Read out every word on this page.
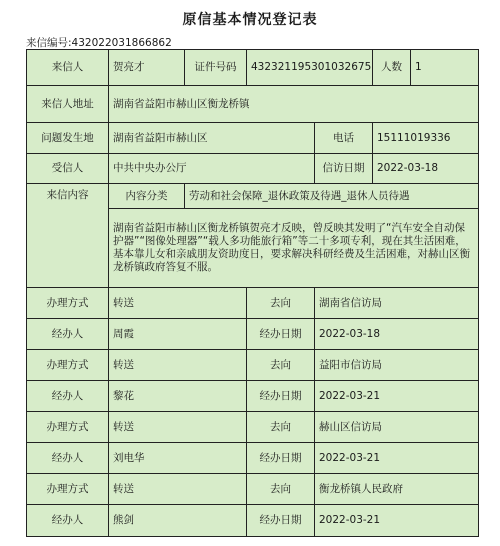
原信基本情况登记表
来信编号:432022031866862
来信人	贺亮才	证件号码	432321195301032675		人数	1
来信人地址	湖南省益阳市赫山区衡龙桥镇					
问题发生地	湖南省益阳市赫山区			电话	15111019336	
受信人	中共中央办公厅			信访日期	2022-03-18	
来信内容	内容分类	劳动和社会保障_退休政策及待遇_退休人员待遇				
	湖南省益阳市赫山区衡龙桥镇贺亮才反映，曾反映其发明了“汽车安全自动保护器”“图像处理器”“载人多功能旅行箱”等二十多项专利，现在其生活困难，基本靠儿女和亲戚朋友资助度日，要求解决科研经费及生活困难，对赫山区衡龙桥镇政府答复不服。					
办理方式	转送		去向	湖南省信访局		
经办人	周霞		经办日期	2022-03-18		
办理方式	转送		去向	益阳市信访局		
经办人	黎花		经办日期	2022-03-21		
办理方式	转送		去向	赫山区信访局		
经办人	刘电华		经办日期	2022-03-21		
办理方式	转送		去向	衡龙桥镇人民政府		
经办人	熊剑		经办日期	2022-03-21		
